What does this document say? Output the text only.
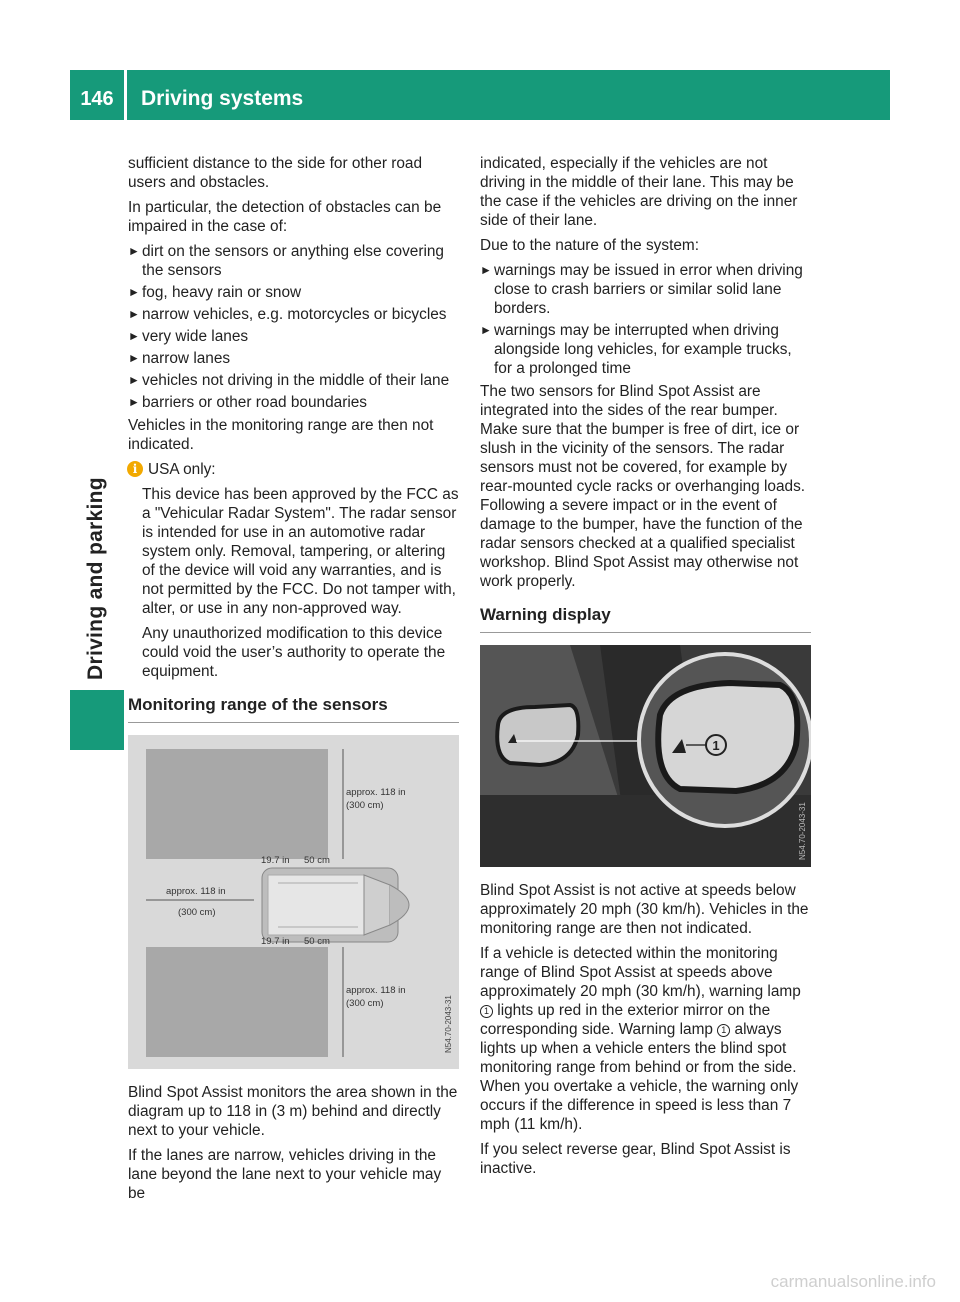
146	Driving systems
Driving and parking

sufficient distance to the side for other road users and obstacles.

In particular, the detection of obstacles can be impaired in the case of:

► dirt on the sensors or anything else covering the sensors
► fog, heavy rain or snow
► narrow vehicles, e.g. motorcycles or bicycles
► very wide lanes
► narrow lanes
► vehicles not driving in the middle of their lane
► barriers or other road boundaries

Vehicles in the monitoring range are then not indicated.

i USA only:

This device has been approved by the FCC as a "Vehicular Radar System". The radar sensor is intended for use in an automotive radar system only. Removal, tampering, or altering of the device will void any warranties, and is not permitted by the FCC. Do not tamper with, alter, or use in any non-approved way.

Any unauthorized modification to this device could void the user’s authority to operate the equipment.

Monitoring range of the sensors
approx. 118 in
(300 cm)
19.7 in 50 cm
approx. 118 in
(300 cm)
19.7 in 50 cm
approx. 118 in
(300 cm)	N54.70-2043-31

Blind Spot Assist monitors the area shown in the diagram up to 118 in (3 m) behind and directly next to your vehicle.

If the lanes are narrow, vehicles driving in the lane beyond the lane next to your vehicle may be

indicated, especially if the vehicles are not driving in the middle of their lane. This may be the case if the vehicles are driving on the inner side of their lane.

Due to the nature of the system:

► warnings may be issued in error when driving close to crash barriers or similar solid lane borders.
► warnings may be interrupted when driving alongside long vehicles, for example trucks, for a prolonged time

The two sensors for Blind Spot Assist are integrated into the sides of the rear bumper. Make sure that the bumper is free of dirt, ice or slush in the vicinity of the sensors. The radar sensors must not be covered, for example by rear-mounted cycle racks or overhanging loads. Following a severe impact or in the event of damage to the bumper, have the function of the radar sensors checked at a qualified specialist workshop. Blind Spot Assist may otherwise not work properly.

Warning display
1
N54.70-2043-31

Blind Spot Assist is not active at speeds below approximately 20 mph (30 km/h). Vehicles in the monitoring range are then not indicated.

If a vehicle is detected within the monitoring range of Blind Spot Assist at speeds above approximately 20 mph (30 km/h), warning lamp 1 lights up red in the exterior mirror on the corresponding side. Warning lamp 1 always lights up when a vehicle enters the blind spot monitoring range from behind or from the side. When you overtake a vehicle, the warning only occurs if the difference in speed is less than 7 mph (11 km/h).

If you select reverse gear, Blind Spot Assist is inactive.

carmanualsonline.info
